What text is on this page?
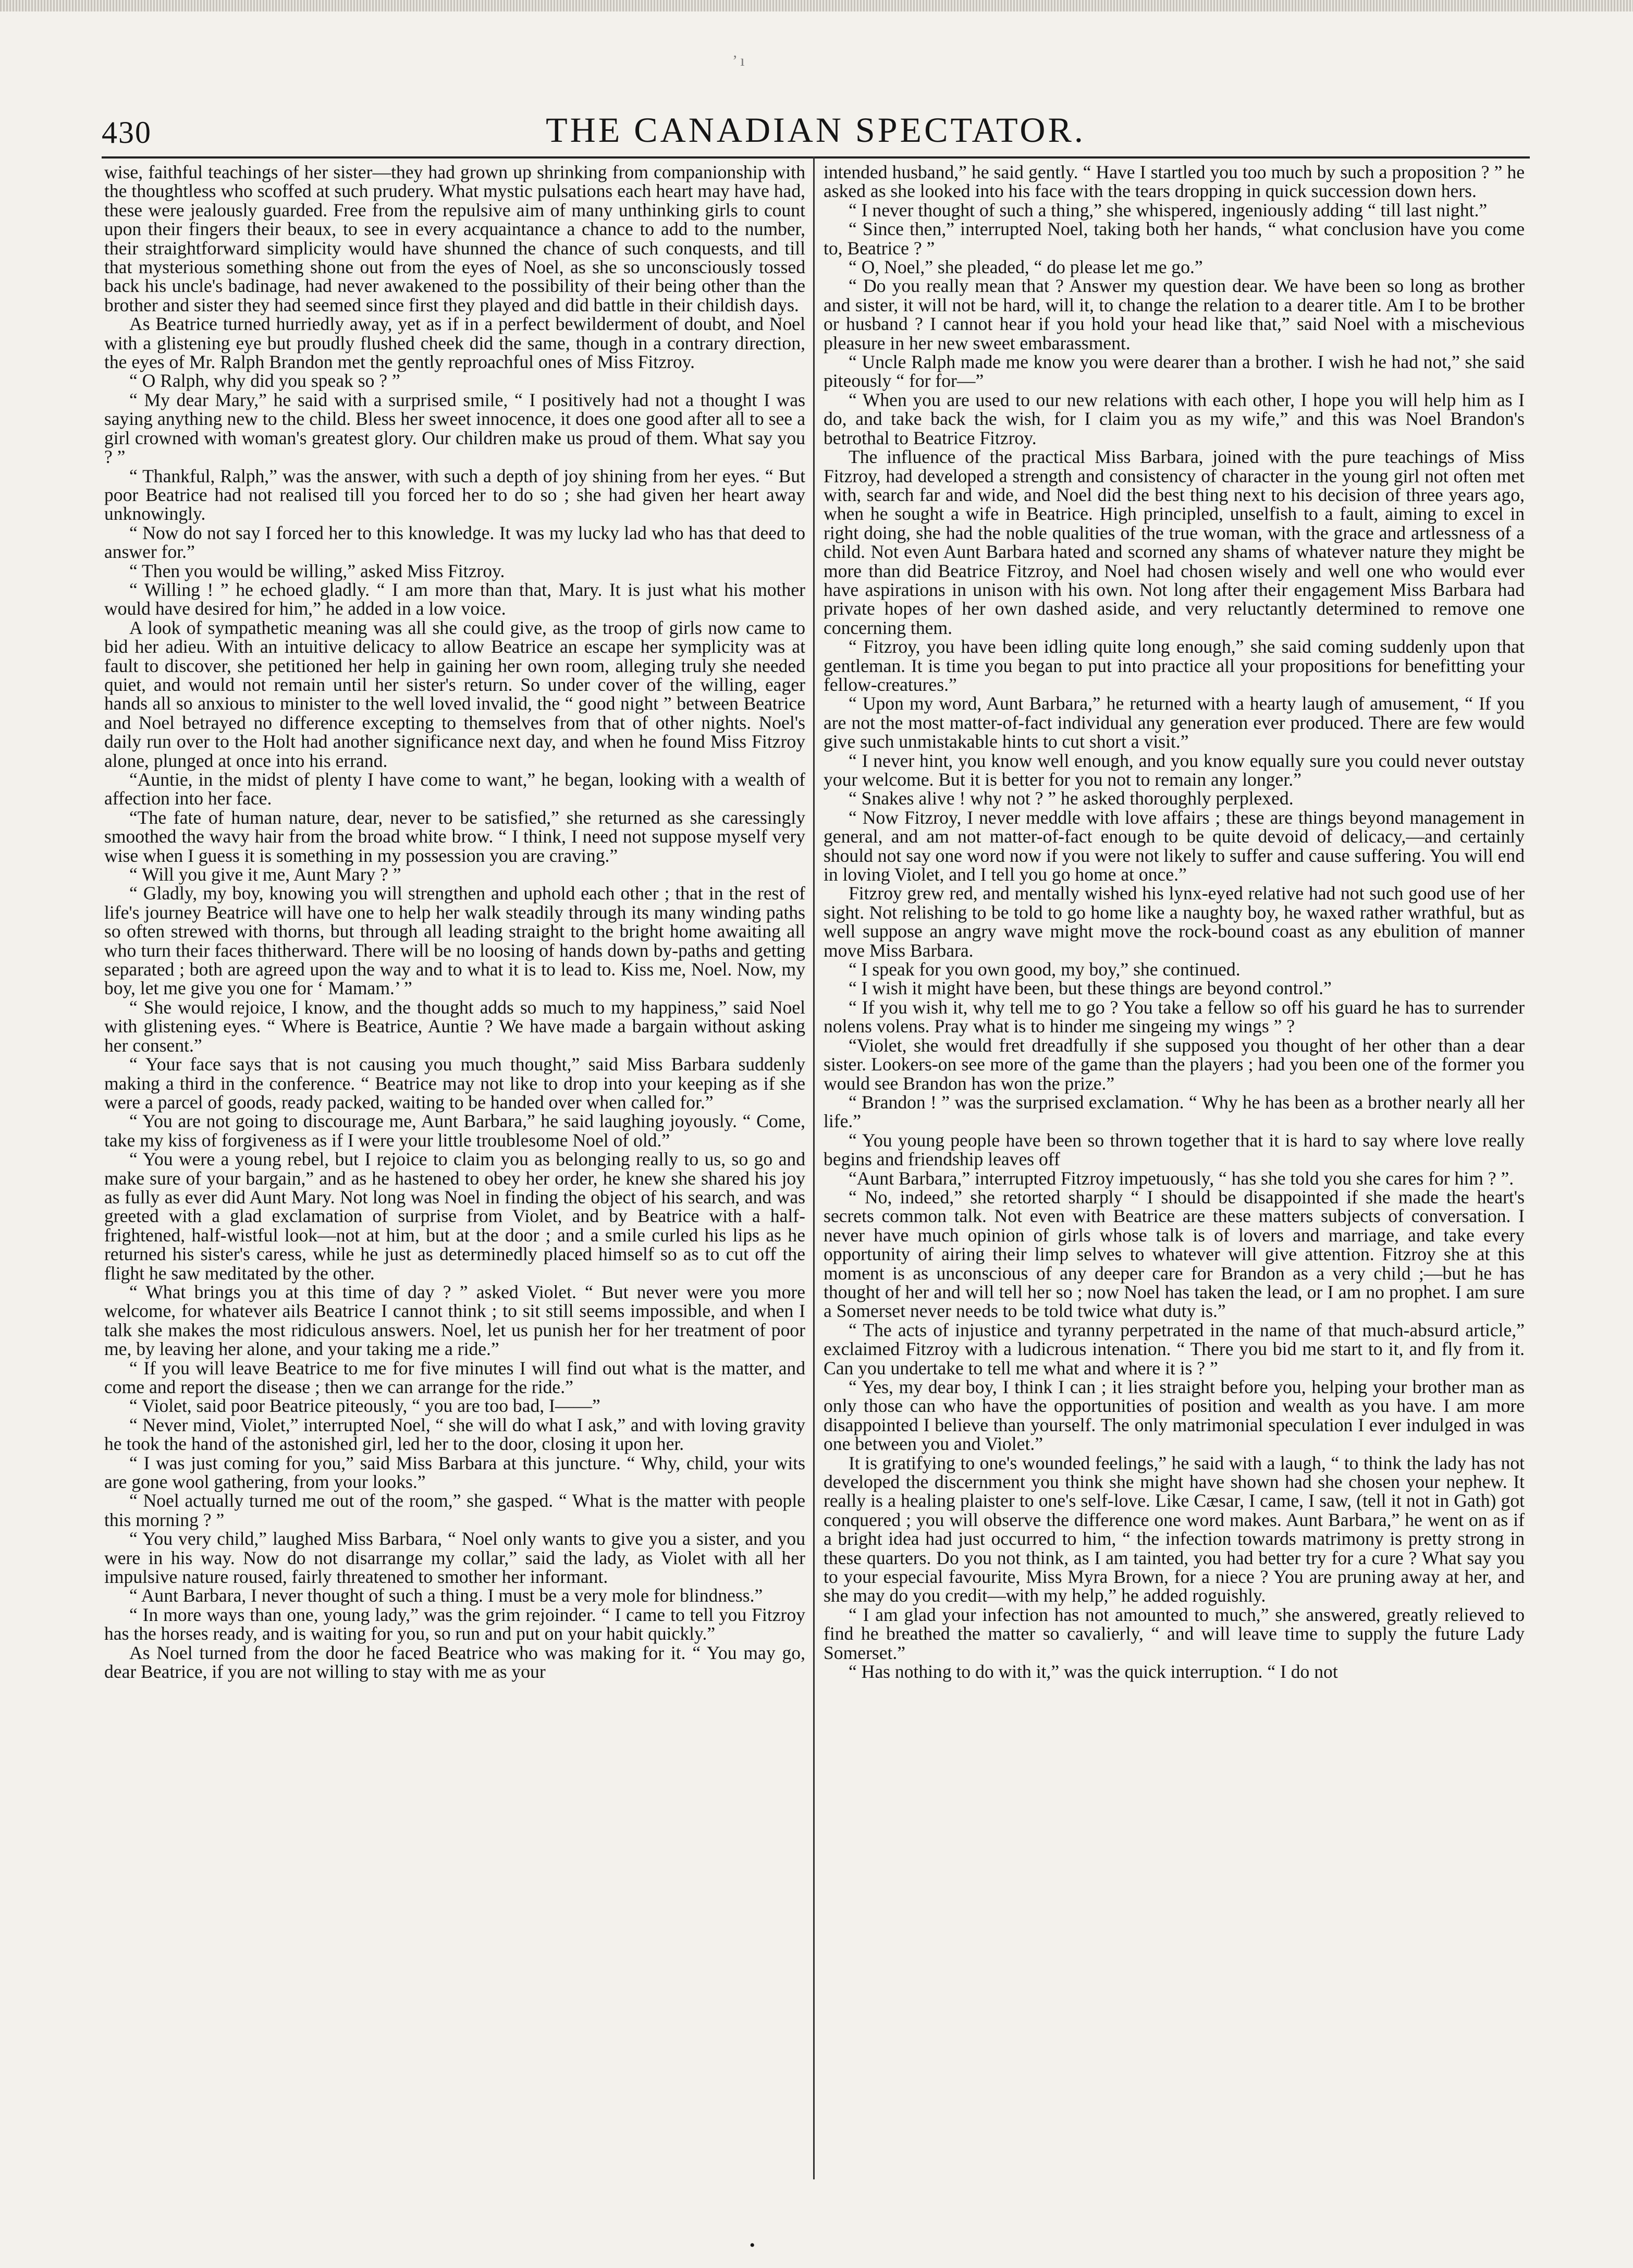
’ ı
430	THE CANADIAN SPECTATOR.

wise, faithful teachings of her sister—they had grown up shrinking from companionship with the thoughtless who scoffed at such prudery. What mystic pulsations each heart may have had, these were jealously guarded. Free from the repulsive aim of many unthinking girls to count upon their fingers their beaux, to see in every acquaintance a chance to add to the number, their straightforward simplicity would have shunned the chance of such conquests, and till that mysterious something shone out from the eyes of Noel, as she so unconsciously tossed back his uncle's badinage, had never awakened to the possibility of their being other than the brother and sister they had seemed since first they played and did battle in their childish days.

As Beatrice turned hurriedly away, yet as if in a perfect bewilderment of doubt, and Noel with a glistening eye but proudly flushed cheek did the same, though in a contrary direction, the eyes of Mr. Ralph Brandon met the gently reproachful ones of Miss Fitzroy.

“ O Ralph, why did you speak so ? ”

“ My dear Mary,” he said with a surprised smile, “ I positively had not a thought I was saying anything new to the child. Bless her sweet innocence, it does one good after all to see a girl crowned with woman's greatest glory. Our children make us proud of them. What say you ? ”

“ Thankful, Ralph,” was the answer, with such a depth of joy shining from her eyes. “ But poor Beatrice had not realised till you forced her to do so ; she had given her heart away unknowingly.

“ Now do not say I forced her to this knowledge. It was my lucky lad who has that deed to answer for.”

“ Then you would be willing,” asked Miss Fitzroy.

“ Willing ! ” he echoed gladly. “ I am more than that, Mary. It is just what his mother would have desired for him,” he added in a low voice.

A look of sympathetic meaning was all she could give, as the troop of girls now came to bid her adieu. With an intuitive delicacy to allow Beatrice an escape her symplicity was at fault to discover, she petitioned her help in gaining her own room, alleging truly she needed quiet, and would not remain until her sister's return. So under cover of the willing, eager hands all so anxious to minister to the well loved invalid, the “ good night ” between Beatrice and Noel betrayed no difference excepting to themselves from that of other nights. Noel's daily run over to the Holt had another significance next day, and when he found Miss Fitzroy alone, plunged at once into his errand.

“Auntie, in the midst of plenty I have come to want,” he began, looking with a wealth of affection into her face.

“The fate of human nature, dear, never to be satisfied,” she returned as she caressingly smoothed the wavy hair from the broad white brow. “ I think, I need not suppose myself very wise when I guess it is something in my possession you are craving.”

“ Will you give it me, Aunt Mary ? ”

“ Gladly, my boy, knowing you will strengthen and uphold each other ; that in the rest of life's journey Beatrice will have one to help her walk steadily through its many winding paths so often strewed with thorns, but through all leading straight to the bright home awaiting all who turn their faces thitherward. There will be no loosing of hands down by-paths and getting separated ; both are agreed upon the way and to what it is to lead to. Kiss me, Noel. Now, my boy, let me give you one for ‘ Mamam.’ ”

“ She would rejoice, I know, and the thought adds so much to my happiness,” said Noel with glistening eyes. “ Where is Beatrice, Auntie ? We have made a bargain without asking her consent.”

“ Your face says that is not causing you much thought,” said Miss Barbara suddenly making a third in the conference. “ Beatrice may not like to drop into your keeping as if she were a parcel of goods, ready packed, waiting to be handed over when called for.”

“ You are not going to discourage me, Aunt Barbara,” he said laughing joyously. “ Come, take my kiss of forgiveness as if I were your little troublesome Noel of old.”

“ You were a young rebel, but I rejoice to claim you as belonging really to us, so go and make sure of your bargain,” and as he hastened to obey her order, he knew she shared his joy as fully as ever did Aunt Mary. Not long was Noel in finding the object of his search, and was greeted with a glad exclamation of surprise from Violet, and by Beatrice with a half-frightened, half-wistful look—not at him, but at the door ; and a smile curled his lips as he returned his sister's caress, while he just as determinedly placed himself so as to cut off the flight he saw meditated by the other.

“ What brings you at this time of day ? ” asked Violet. “ But never were you more welcome, for whatever ails Beatrice I cannot think ; to sit still seems impossible, and when I talk she makes the most ridiculous answers. Noel, let us punish her for her treatment of poor me, by leaving her alone, and your taking me a ride.”

“ If you will leave Beatrice to me for five minutes I will find out what is the matter, and come and report the disease ; then we can arrange for the ride.”

“ Violet, said poor Beatrice piteously, “ you are too bad, I——”

“ Never mind, Violet,” interrupted Noel, “ she will do what I ask,” and with loving gravity he took the hand of the astonished girl, led her to the door, closing it upon her.

“ I was just coming for you,” said Miss Barbara at this juncture. “ Why, child, your wits are gone wool gathering, from your looks.”

“ Noel actually turned me out of the room,” she gasped. “ What is the matter with people this morning ? ”

“ You very child,” laughed Miss Barbara, “ Noel only wants to give you a sister, and you were in his way. Now do not disarrange my collar,” said the lady, as Violet with all her impulsive nature roused, fairly threatened to smother her informant.

“ Aunt Barbara, I never thought of such a thing. I must be a very mole for blindness.”

“ In more ways than one, young lady,” was the grim rejoinder. “ I came to tell you Fitzroy has the horses ready, and is waiting for you, so run and put on your habit quickly.”

As Noel turned from the door he faced Beatrice who was making for it. “ You may go, dear Beatrice, if you are not willing to stay with me as your

intended husband,” he said gently. “ Have I startled you too much by such a proposition ? ” he asked as she looked into his face with the tears dropping in quick succession down hers.

“ I never thought of such a thing,” she whispered, ingeniously adding “ till last night.”

“ Since then,” interrupted Noel, taking both her hands, “ what conclusion have you come to, Beatrice ? ”

“ O, Noel,” she pleaded, “ do please let me go.”

“ Do you really mean that ? Answer my question dear. We have been so long as brother and sister, it will not be hard, will it, to change the relation to a dearer title. Am I to be brother or husband ? I cannot hear if you hold your head like that,” said Noel with a mischevious pleasure in her new sweet embarassment.

“ Uncle Ralph made me know you were dearer than a brother. I wish he had not,” she said piteously “ for for—”

“ When you are used to our new relations with each other, I hope you will help him as I do, and take back the wish, for I claim you as my wife,” and this was Noel Brandon's betrothal to Beatrice Fitzroy.

The influence of the practical Miss Barbara, joined with the pure teachings of Miss Fitzroy, had developed a strength and consistency of character in the young girl not often met with, search far and wide, and Noel did the best thing next to his decision of three years ago, when he sought a wife in Beatrice. High principled, unselfish to a fault, aiming to excel in right doing, she had the noble qualities of the true woman, with the grace and artlessness of a child. Not even Aunt Barbara hated and scorned any shams of whatever nature they might be more than did Beatrice Fitzroy, and Noel had chosen wisely and well one who would ever have aspirations in unison with his own. Not long after their engagement Miss Barbara had private hopes of her own dashed aside, and very reluctantly determined to remove one concerning them.

“ Fitzroy, you have been idling quite long enough,” she said coming suddenly upon that gentleman. It is time you began to put into practice all your propositions for benefitting your fellow-creatures.”

“ Upon my word, Aunt Barbara,” he returned with a hearty laugh of amusement, “ If you are not the most matter-of-fact individual any generation ever produced. There are few would give such unmistakable hints to cut short a visit.”

“ I never hint, you know well enough, and you know equally sure you could never outstay your welcome. But it is better for you not to remain any longer.”

“ Snakes alive ! why not ? ” he asked thoroughly perplexed.

“ Now Fitzroy, I never meddle with love affairs ; these are things beyond management in general, and am not matter-of-fact enough to be quite devoid of delicacy,—and certainly should not say one word now if you were not likely to suffer and cause suffering. You will end in loving Violet, and I tell you go home at once.”

Fitzroy grew red, and mentally wished his lynx-eyed relative had not such good use of her sight. Not relishing to be told to go home like a naughty boy, he waxed rather wrathful, but as well suppose an angry wave might move the rock-bound coast as any ebulition of manner move Miss Barbara.

“ I speak for you own good, my boy,” she continued.

“ I wish it might have been, but these things are beyond control.”

“ If you wish it, why tell me to go ? You take a fellow so off his guard he has to surrender nolens volens. Pray what is to hinder me singeing my wings ” ?

“Violet, she would fret dreadfully if she supposed you thought of her other than a dear sister. Lookers-on see more of the game than the players ; had you been one of the former you would see Brandon has won the prize.”

“ Brandon ! ” was the surprised exclamation. “ Why he has been as a brother nearly all her life.”

“ You young people have been so thrown together that it is hard to say where love really begins and friendship leaves off

“Aunt Barbara,” interrupted Fitzroy impetuously, “ has she told you she cares for him ? ”.

“ No, indeed,” she retorted sharply “ I should be disappointed if she made the heart's secrets common talk. Not even with Beatrice are these matters subjects of conversation. I never have much opinion of girls whose talk is of lovers and marriage, and take every opportunity of airing their limp selves to whatever will give attention. Fitzroy she at this moment is as unconscious of any deeper care for Brandon as a very child ;—but he has thought of her and will tell her so ; now Noel has taken the lead, or I am no prophet. I am sure a Somerset never needs to be told twice what duty is.”

“ The acts of injustice and tyranny perpetrated in the name of that much-absurd article,” exclaimed Fitzroy with a ludicrous intenation. “ There you bid me start to it, and fly from it. Can you undertake to tell me what and where it is ? ”

“ Yes, my dear boy, I think I can ; it lies straight before you, helping your brother man as only those can who have the opportunities of position and wealth as you have. I am more disappointed I believe than yourself. The only matrimonial speculation I ever indulged in was one between you and Violet.”

It is gratifying to one's wounded feelings,” he said with a laugh, “ to think the lady has not developed the discernment you think she might have shown had she chosen your nephew. It really is a healing plaister to one's self-love. Like Cæsar, I came, I saw, (tell it not in Gath) got conquered ; you will observe the difference one word makes. Aunt Barbara,” he went on as if a bright idea had just occurred to him, “ the infection towards matrimony is pretty strong in these quarters. Do you not think, as I am tainted, you had better try for a cure ? What say you to your especial favourite, Miss Myra Brown, for a niece ? You are pruning away at her, and she may do you credit—with my help,” he added roguishly.

“ I am glad your infection has not amounted to much,” she answered, greatly relieved to find he breathed the matter so cavalierly, “ and will leave time to supply the future Lady Somerset.”

“ Has nothing to do with it,” was the quick interruption. “ I do not

•
